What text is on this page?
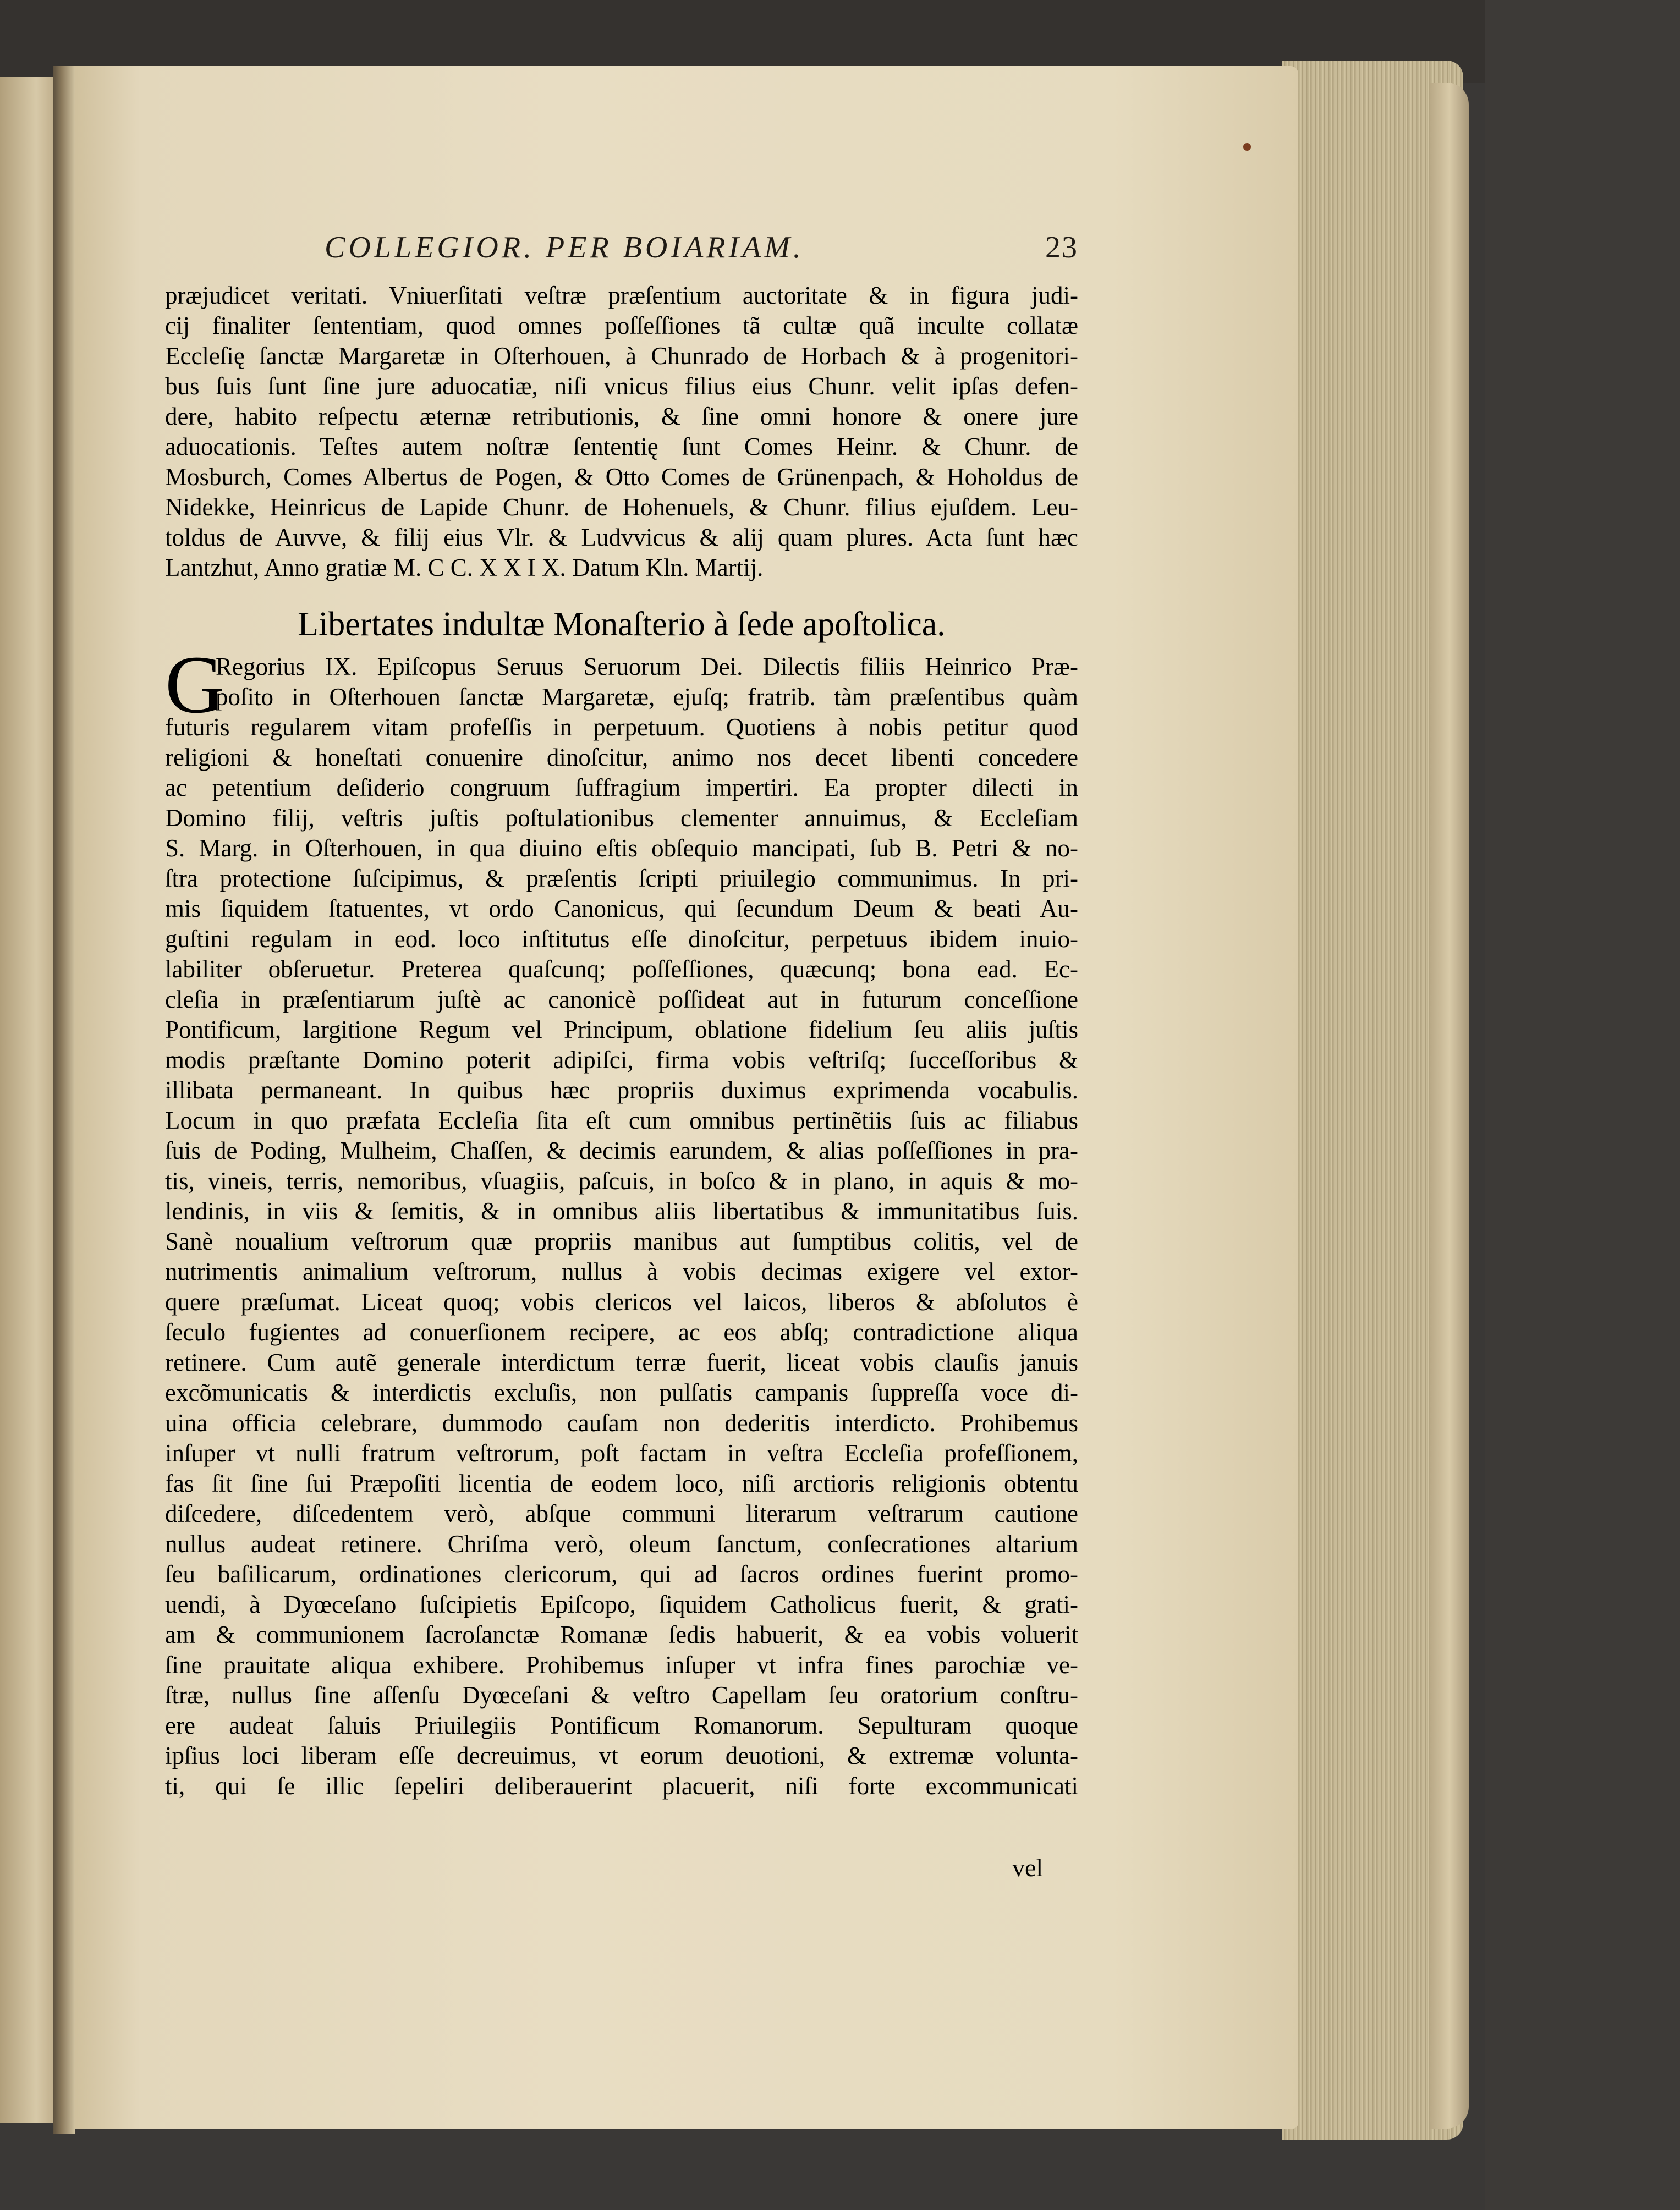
COLLEGIOR. PER BOIARIAM.	23
præjudicet veritati. Vniuerſitati veſtræ præſentium auctoritate & in figura judi-
cij finaliter ſententiam, quod omnes poſſeſſiones tã cultæ quã inculte collatæ
Eccleſię ſanctæ Margaretæ in Oſterhouen, à Chunrado de Horbach & à progenitori-
bus ſuis ſunt ſine jure aduocatiæ, niſi vnicus filius eius Chunr. velit ipſas defen-
dere, habito reſpectu æternæ retributionis, & ſine omni honore & onere jure
aduocationis. Teſtes autem noſtræ ſententię ſunt Comes Heinr. & Chunr. de
Mosburch, Comes Albertus de Pogen, & Otto Comes de Grünenpach, & Hoholdus de
Nidekke, Heinricus de Lapide Chunr. de Hohenuels, & Chunr. filius ejuſdem. Leu-
toldus de Auvve, & filij eius Vlr. & Ludvvicus & alij quam plures. Acta ſunt hæc
Lantzhut, Anno gratiæ M. C C. X X I X. Datum Kln. Martij.
Libertates indultæ Monaſterio à ſede apoſtolica.
G
Regorius IX. Epiſcopus Seruus Seruorum Dei. Dilectis filiis Heinrico Præ-
poſito in Oſterhouen ſanctæ Margaretæ, ejuſq; fratrib. tàm præſentibus quàm
futuris regularem vitam profeſſis in perpetuum. Quotiens à nobis petitur quod
religioni & honeſtati conuenire dinoſcitur, animo nos decet libenti concedere
ac petentium deſiderio congruum ſuffragium impertiri. Ea propter dilecti in
Domino filij, veſtris juſtis poſtulationibus clementer annuimus, & Eccleſiam
S. Marg. in Oſterhouen, in qua diuino eſtis obſequio mancipati, ſub B. Petri & no-
ſtra protectione ſuſcipimus, & præſentis ſcripti priuilegio communimus. In pri-
mis ſiquidem ſtatuentes, vt ordo Canonicus, qui ſecundum Deum & beati Au-
guſtini regulam in eod. loco inſtitutus eſſe dinoſcitur, perpetuus ibidem inuio-
labiliter obſeruetur. Preterea quaſcunq; poſſeſſiones, quæcunq; bona ead. Ec-
cleſia in præſentiarum juſtè ac canonicè poſſideat aut in futurum conceſſione
Pontificum, largitione Regum vel Principum, oblatione fidelium ſeu aliis juſtis
modis præſtante Domino poterit adipiſci, firma vobis veſtriſq; ſucceſſoribus &
illibata permaneant. In quibus hæc propriis duximus exprimenda vocabulis.
Locum in quo præfata Eccleſia ſita eſt cum omnibus pertinẽtiis ſuis ac filiabus
ſuis de Poding, Mulheim, Chaſſen, & decimis earundem, & alias poſſeſſiones in pra-
tis, vineis, terris, nemoribus, vſuagiis, paſcuis, in boſco & in plano, in aquis & mo-
lendinis, in viis & ſemitis, & in omnibus aliis libertatibus & immunitatibus ſuis.
Sanè noualium veſtrorum quæ propriis manibus aut ſumptibus colitis, vel de
nutrimentis animalium veſtrorum, nullus à vobis decimas exigere vel extor-
quere præſumat. Liceat quoq; vobis clericos vel laicos, liberos & abſolutos è
ſeculo fugientes ad conuerſionem recipere, ac eos abſq; contradictione aliqua
retinere. Cum autẽ generale interdictum terræ fuerit, liceat vobis clauſis januis
excõmunicatis & interdictis excluſis, non pulſatis campanis ſuppreſſa voce di-
uina officia celebrare, dummodo cauſam non dederitis interdicto. Prohibemus
inſuper vt nulli fratrum veſtrorum, poſt factam in veſtra Eccleſia profeſſionem,
fas ſit ſine ſui Præpoſiti licentia de eodem loco, niſi arctioris religionis obtentu
diſcedere, diſcedentem verò, abſque communi literarum veſtrarum cautione
nullus audeat retinere. Chriſma verò, oleum ſanctum, conſecrationes altarium
ſeu baſilicarum, ordinationes clericorum, qui ad ſacros ordines fuerint promo-
uendi, à Dyœceſano ſuſcipietis Epiſcopo, ſiquidem Catholicus fuerit, & grati-
am & communionem ſacroſanctæ Romanæ ſedis habuerit, & ea vobis voluerit
ſine prauitate aliqua exhibere. Prohibemus inſuper vt infra fines parochiæ ve-
ſtræ, nullus ſine aſſenſu Dyœceſani & veſtro Capellam ſeu oratorium conſtru-
ere audeat ſaluis Priuilegiis Pontificum Romanorum. Sepulturam quoque
ipſius loci liberam eſſe decreuimus, vt eorum deuotioni, & extremæ volunta-
ti, qui ſe illic ſepeliri deliberauerint placuerit, niſi forte excommunicati
vel
